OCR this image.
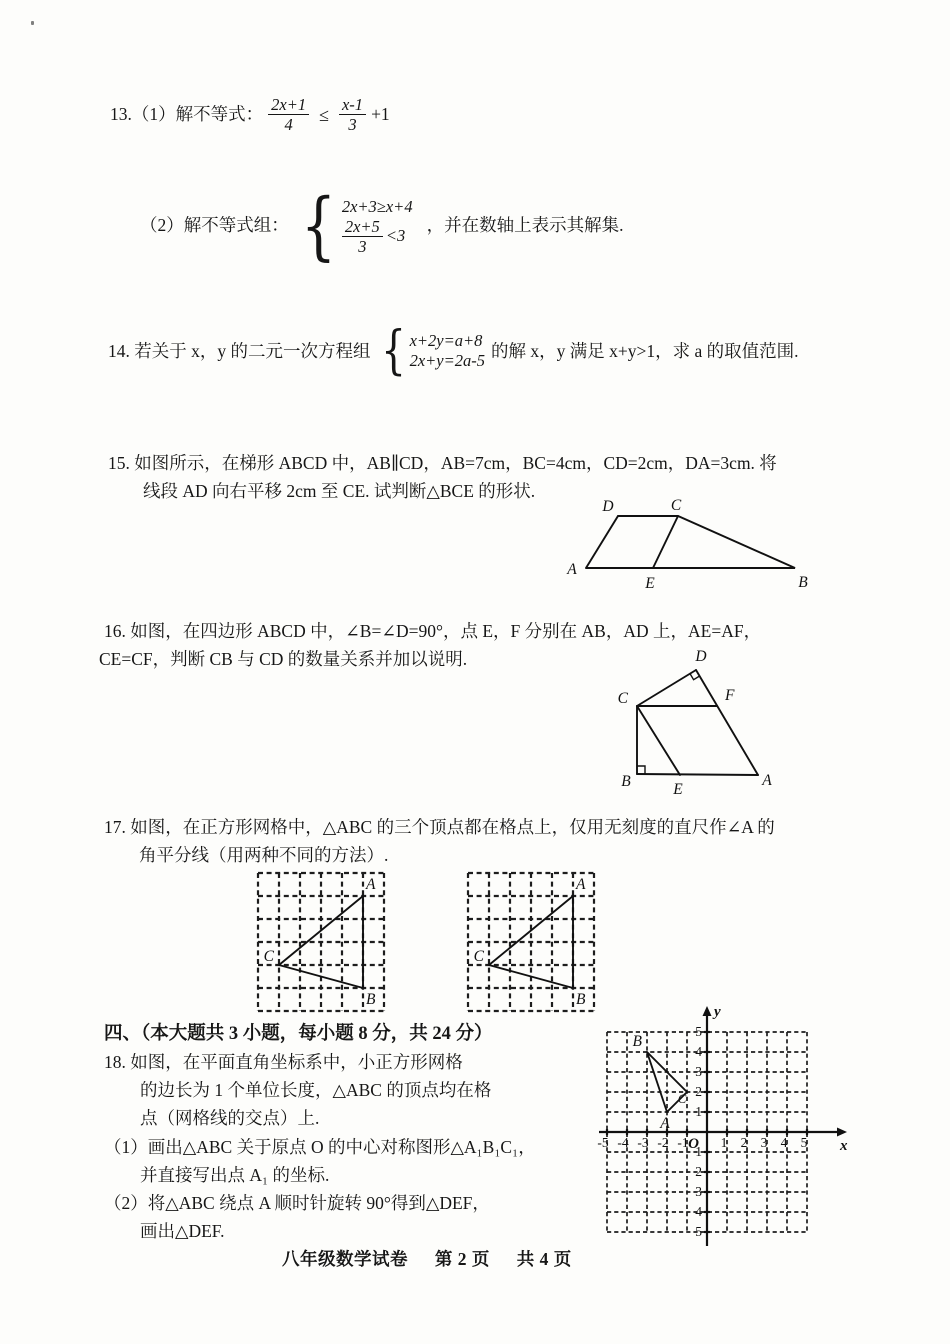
13.（1）解不等式： $\frac{2x+1}{4} \le \frac{x-1}{3} +1$
（2）解不等式组： { 2x+3≥x+4
$\frac{2x+5}{3} <3$
，并在数轴上表示其解集.
14. 若关于 x，y 的二元一次方程组 { x+2y=a+8
2x+y=2a-5
的解 x，y 满足 x+y>1，求 a 的取值范围.
15. 如图所示，在梯形 ABCD 中，AB∥CD，AB=7cm，BC=4cm，CD=2cm，DA=3cm. 将
线段 AD 向右平移 2cm 至 CE. 试判断△BCE 的形状.
D	C
A
E	B
16. 如图，在四边形 ABCD 中，∠B=∠D=90°，点 E，F 分别在 AB，AD 上，AE=AF，
CE=CF，判断 CB 与 CD 的数量关系并加以说明.	D
C	F
B	E
A
17. 如图，在正方形网格中，△ABC 的三个顶点都在格点上，仅用无刻度的直尺作∠A 的
角平分线（用两种不同的方法）.
A
C
B
A
C
B
四、（本大题共 3 小题，每小题 8 分，共 24 分）
18. 如图，在平面直角坐标系中，小正方形网格
的边长为 1 个单位长度，△ABC 的顶点均在格
点（网格线的交点）上.
（1）画出△ABC 关于原点 O 的中心对称图形△A₁B₁C₁，
并直接写出点 A₁ 的坐标.
（2）将△ABC 绕点 A 顺时针旋转 90°得到△DEF，
画出△DEF.
-5 -4 -3 -2 -1 1 2 3 4 5
1
2
3
4
5
1
2
3
4
5
O
y
x
B
A
C
八年级数学试卷 第 2 页 共 4 页
